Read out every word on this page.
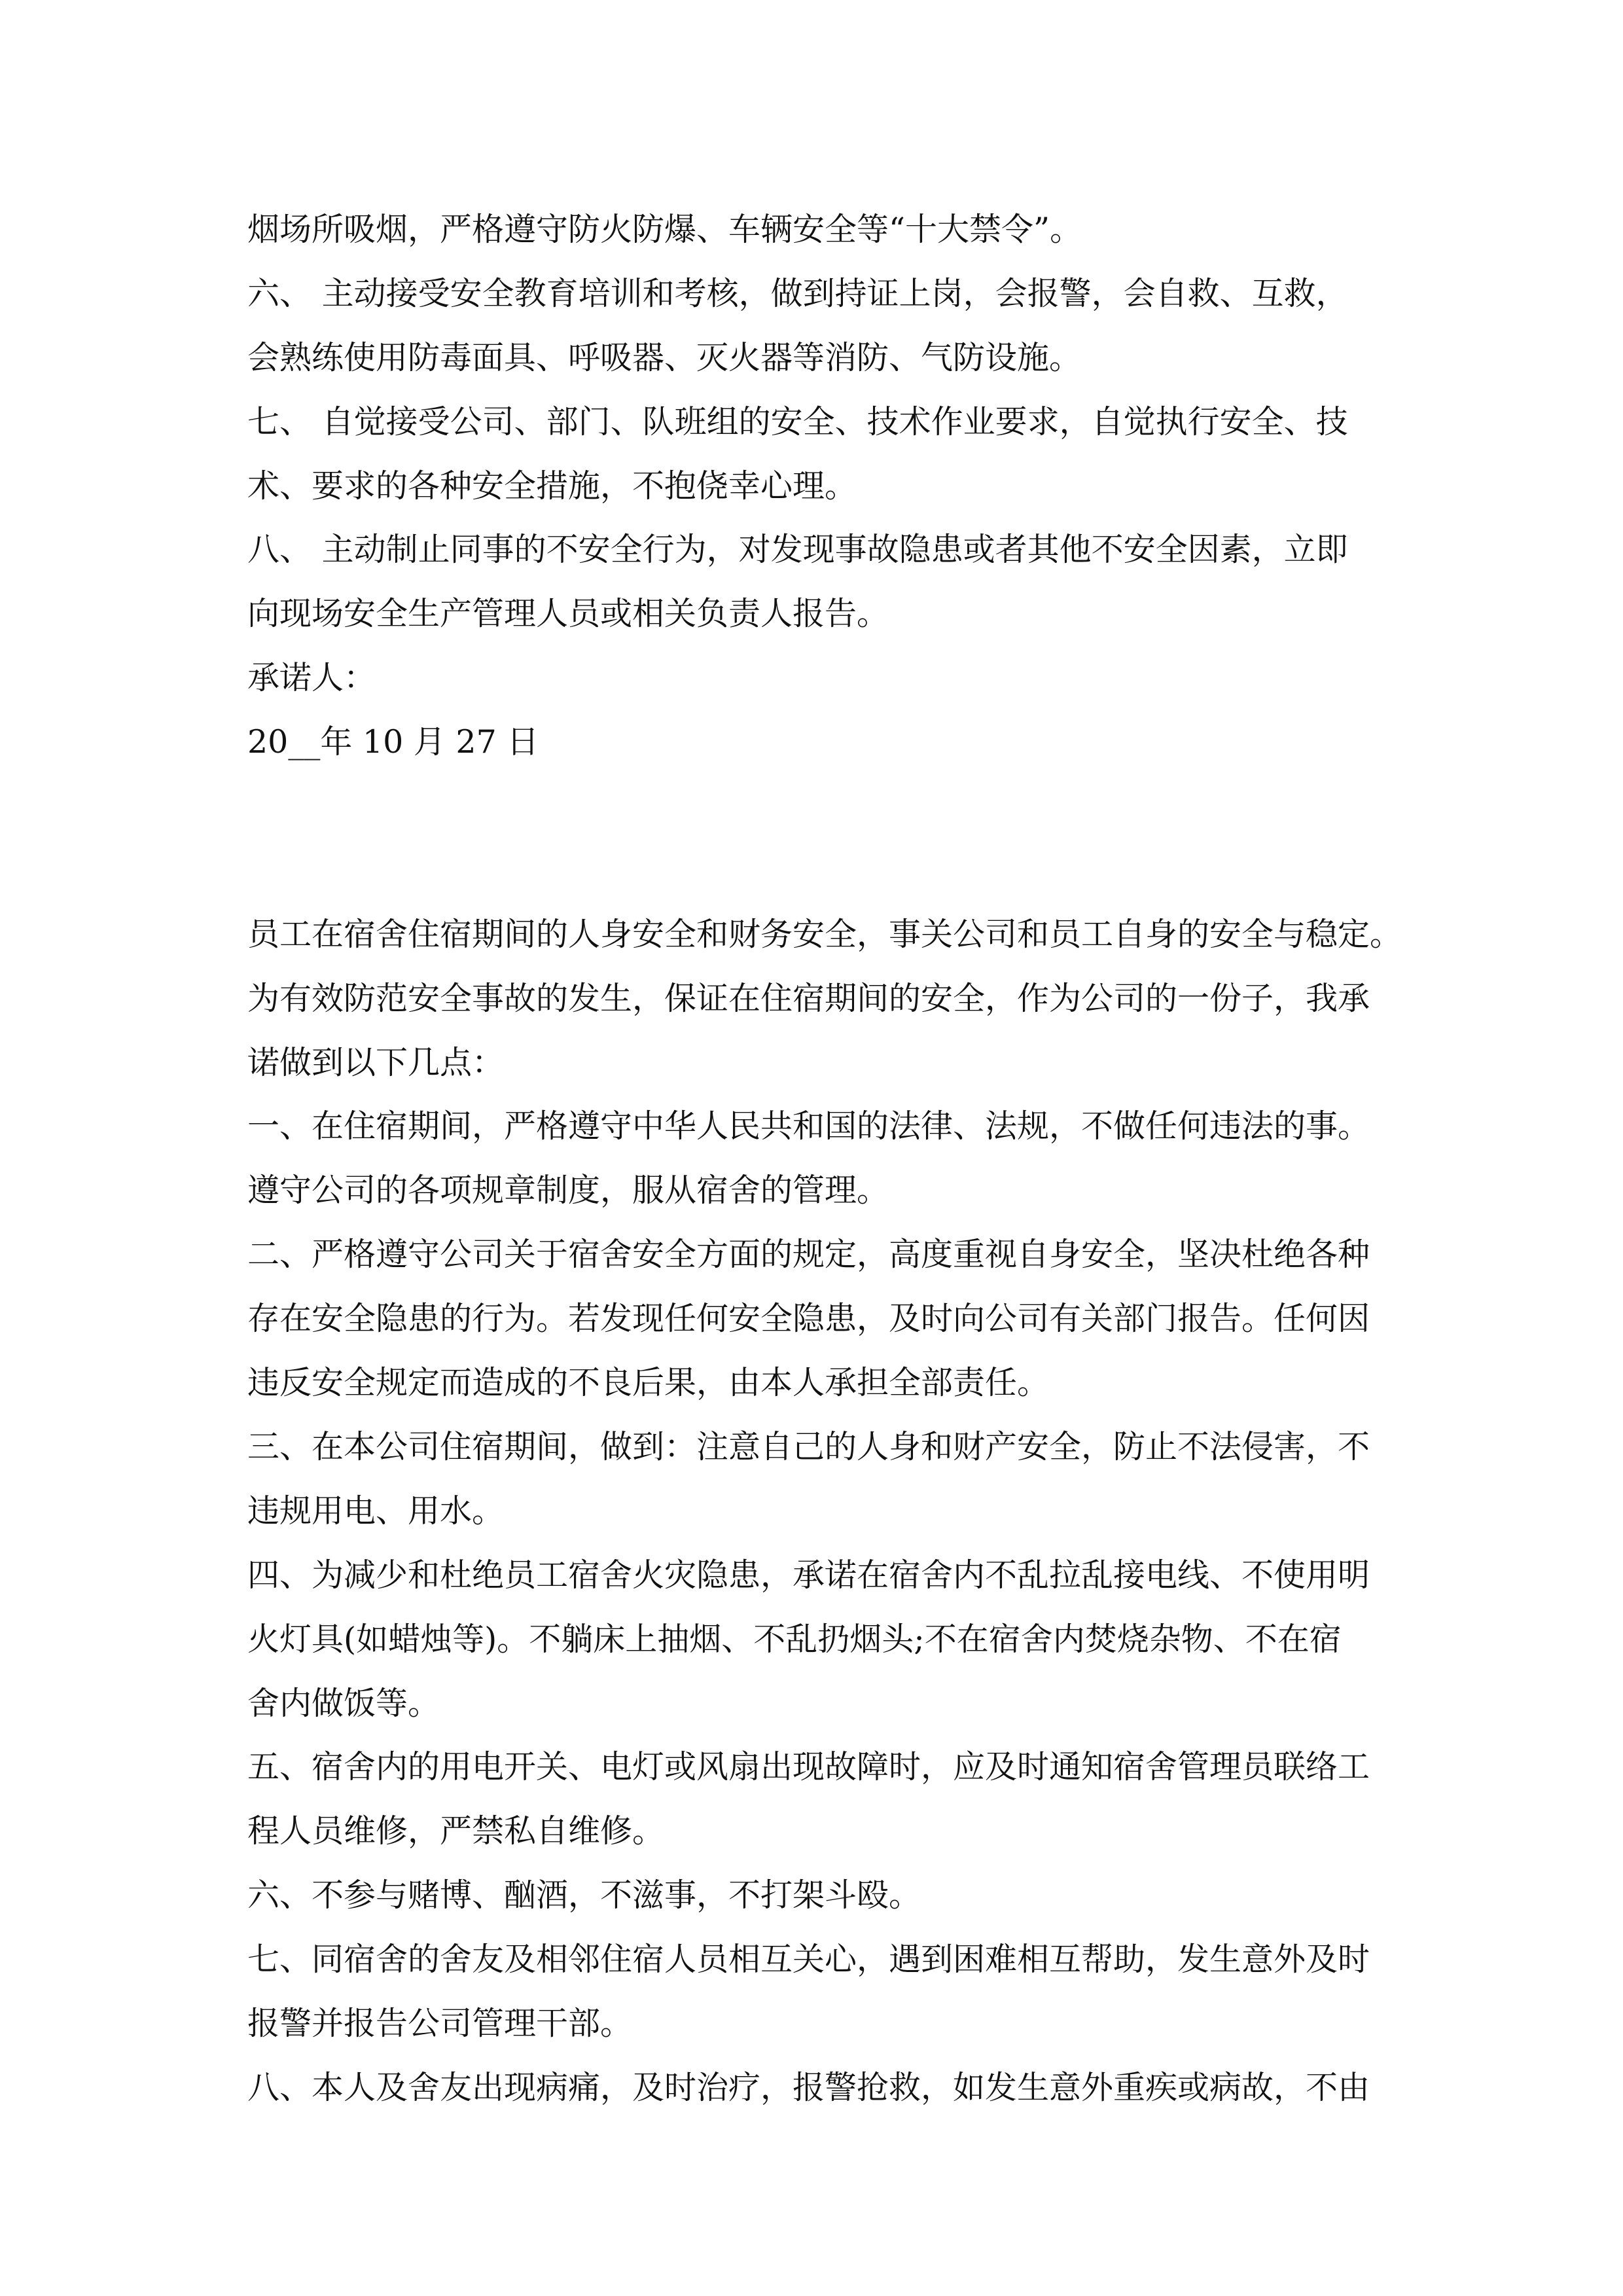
烟场所吸烟，严格遵守防火防爆、车辆安全等“十大禁令”。
六、 主动接受安全教育培训和考核，做到持证上岗，会报警，会自救、互救，
会熟练使用防毒面具、呼吸器、灭火器等消防、气防设施。
七、 自觉接受公司、部门、队班组的安全、技术作业要求，自觉执行安全、技
术、要求的各种安全措施，不抱侥幸心理。
八、 主动制止同事的不安全行为，对发现事故隐患或者其他不安全因素，立即
向现场安全生产管理人员或相关负责人报告。
承诺人：
20__年 10 月 27 日
员工在宿舍住宿期间的人身安全和财务安全，事关公司和员工自身的安全与稳定。
为有效防范安全事故的发生，保证在住宿期间的安全，作为公司的一份子，我承
诺做到以下几点：
一、在住宿期间，严格遵守中华人民共和国的法律、法规，不做任何违法的事。
遵守公司的各项规章制度，服从宿舍的管理。
二、严格遵守公司关于宿舍安全方面的规定，高度重视自身安全，坚决杜绝各种
存在安全隐患的行为。若发现任何安全隐患，及时向公司有关部门报告。任何因
违反安全规定而造成的不良后果，由本人承担全部责任。
三、在本公司住宿期间，做到：注意自己的人身和财产安全，防止不法侵害，不
违规用电、用水。
四、为减少和杜绝员工宿舍火灾隐患，承诺在宿舍内不乱拉乱接电线、不使用明
火灯具(如蜡烛等)。不躺床上抽烟、不乱扔烟头;不在宿舍内焚烧杂物、不在宿
舍内做饭等。
五、宿舍内的用电开关、电灯或风扇出现故障时，应及时通知宿舍管理员联络工
程人员维修，严禁私自维修。
六、不参与赌博、酗酒，不滋事，不打架斗殴。
七、同宿舍的舍友及相邻住宿人员相互关心，遇到困难相互帮助，发生意外及时
报警并报告公司管理干部。
八、本人及舍友出现病痛，及时治疗，报警抢救，如发生意外重疾或病故，不由
